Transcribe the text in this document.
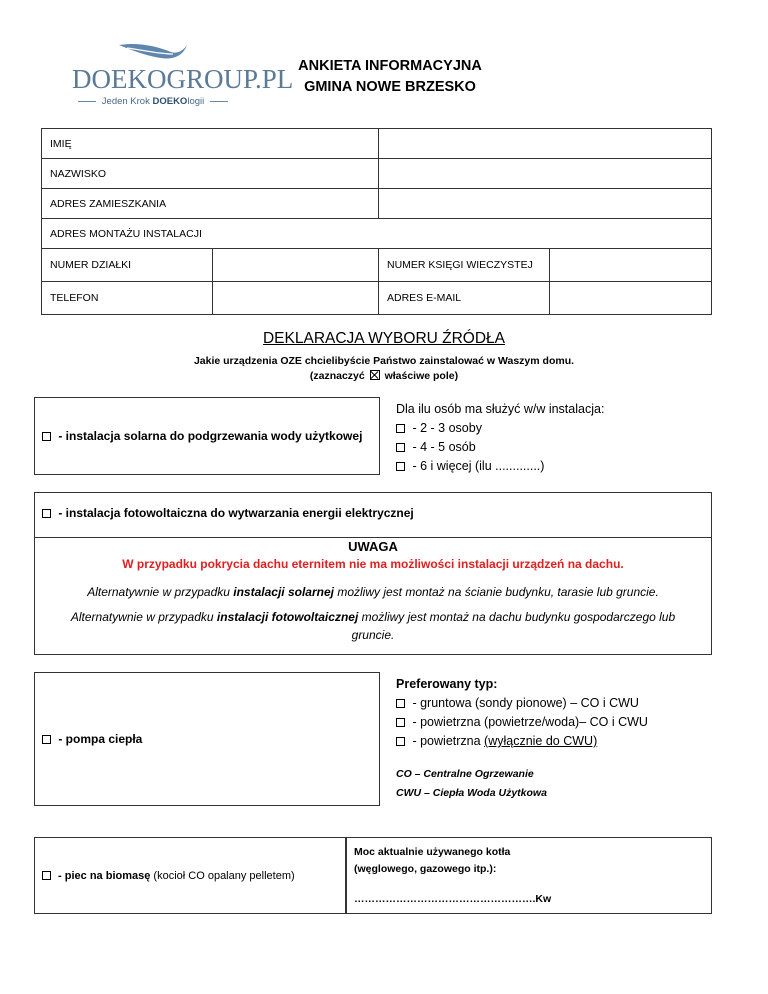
DOEKOGROUP.PL
Jeden Krok DOEKOlogii
ANKIETA INFORMACYJNA
GMINA NOWE BRZESKO
IMIĘ	
NAZWISKO	
ADRES ZAMIESZKANIA	
ADRES MONTAŻU INSTALACJI
NUMER DZIAŁKI		NUMER KSIĘGI WIECZYSTEJ	
TELEFON		ADRES E-MAIL	
DEKLARACJA WYBORU ŹRÓDŁA
Jakie urządzenia OZE chcielibyście Państwo zainstalować w Waszym domu.
(zaznaczyć  właściwe pole)
- instalacja solarna do podgrzewania wody użytkowej
Dla ilu osób ma służyć w/w instalacja:
- 2 - 3 osoby
- 4 - 5 osób
- 6 i więcej (ilu .............)
- instalacja fotowoltaiczna do wytwarzania energii elektrycznej
UWAGA
W przypadku pokrycia dachu eternitem nie ma możliwości instalacji urządzeń na dachu.
Alternatywnie w przypadku instalacji solarnej możliwy jest montaż na ścianie budynku, tarasie lub gruncie.
Alternatywnie w przypadku instalacji fotowoltaicznej możliwy jest montaż na dachu budynku gospodarczego lub gruncie.
- pompa ciepła
Preferowany typ:
- gruntowa (sondy pionowe) – CO i CWU
- powietrzna (powietrze/woda)– CO i CWU
- powietrzna (wyłącznie do CWU)
CO – Centralne Ogrzewanie
CWU – Ciepła Woda Użytkowa
- piec na biomasę (kocioł CO opalany pelletem)
Moc aktualnie używanego kotła
(węglowego, gazowego itp.):
…………………………………………….Kw
